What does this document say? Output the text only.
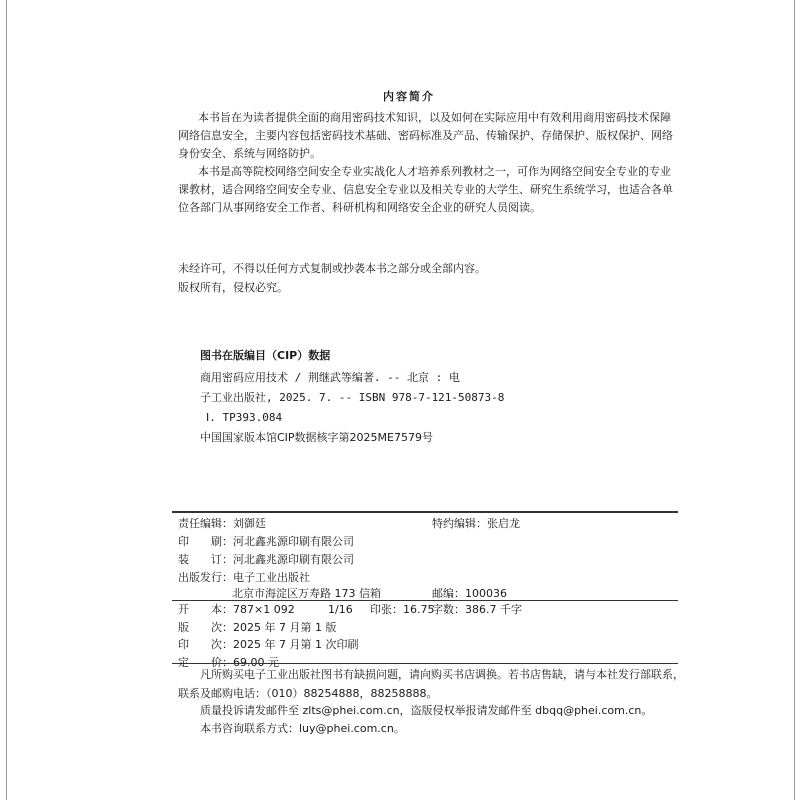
内容简介
本书旨在为读者提供全面的商用密码技术知识，以及如何在实际应用中有效利用商用密码技术保障
网络信息安全，主要内容包括密码技术基础、密码标准及产品、传输保护、存储保护、版权保护、网络
身份安全、系统与网络防护。
本书是高等院校网络空间安全专业实战化人才培养系列教材之一，可作为网络空间安全专业的专业
课教材，适合网络空间安全专业、信息安全专业以及相关专业的大学生、研究生系统学习，也适合各单
位各部门从事网络安全工作者、科研机构和网络安全企业的研究人员阅读。
未经许可，不得以任何方式复制或抄袭本书之部分或全部内容。
版权所有，侵权必究。
图书在版编目（CIP）数据
商用密码应用技术 / 荆继武等编著. -- 北京 : 电
子工业出版社, 2025. 7. -- ISBN 978-7-121-50873-8
Ⅰ. TP393.084
中国国家版本馆CIP数据核字第2025ME7579号
责任编辑：刘御廷	特约编辑：张启龙
印　　刷：河北鑫兆源印刷有限公司
装　　订：河北鑫兆源印刷有限公司
出版发行：电子工业出版社
北京市海淀区万寿路 173 信箱	邮编：100036
开　　本：787×1 092	1/16 印张：16.75
字数：386.7 千字
版　　次：2025 年 7 月第 1 版
印　　次：2025 年 7 月第 1 次印刷
定　　价：69.00 元
凡所购买电子工业出版社图书有缺损问题，请向购买书店调换。若书店售缺，请与本社发行部联系，
联系及邮购电话：（010）88254888，88258888。
质量投诉请发邮件至 zlts@phei.com.cn，盗版侵权举报请发邮件至 dbqq@phei.com.cn。
本书咨询联系方式：luy@phei.com.cn。
